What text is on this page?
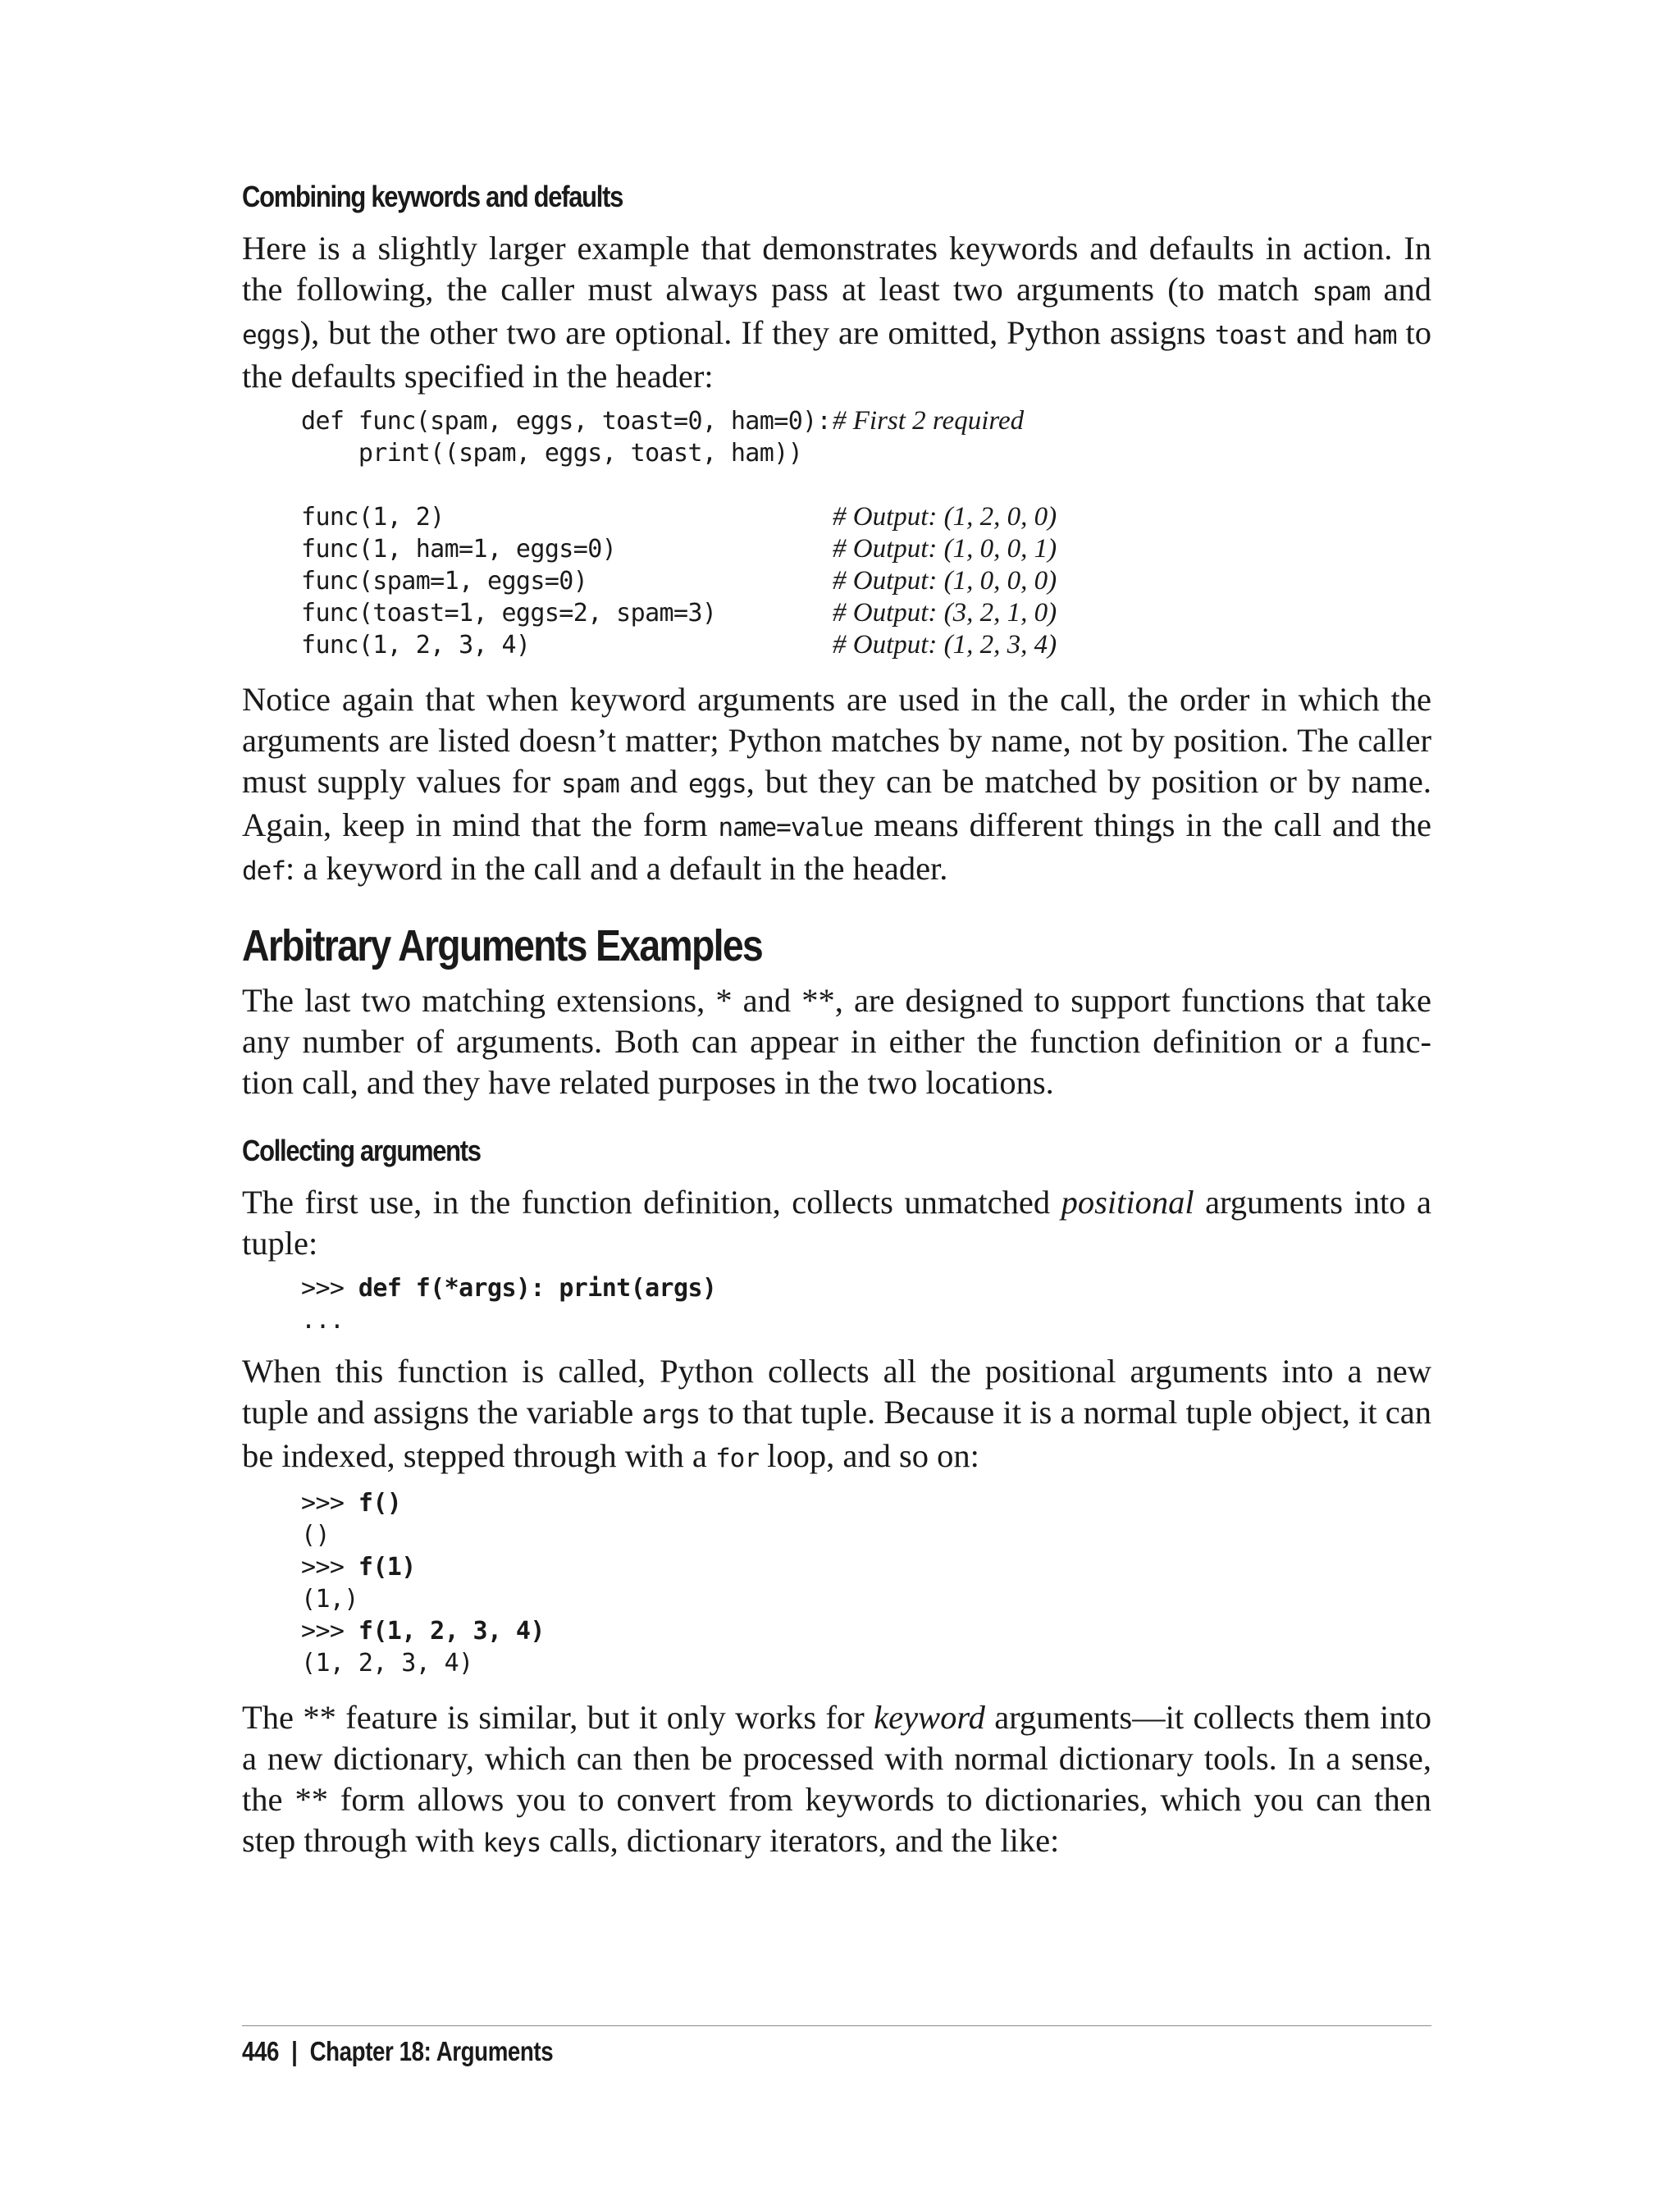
Combining keywords and defaults

Here is a slightly larger example that demonstrates keywords and defaults in action. In the following, the caller must always pass at least two arguments (to match spam and eggs), but the other two are optional. If they are omitted, Python assigns toast and ham to the defaults specified in the header:

def func(spam, eggs, toast=0, ham=0): # First 2 required
print((spam, eggs, toast, ham))
func(1, 2)	# Output: (1, 2, 0, 0)
func(1, ham=1, eggs=0)	# Output: (1, 0, 0, 1)
func(spam=1, eggs=0)	# Output: (1, 0, 0, 0)
func(toast=1, eggs=2, spam=3)	# Output: (3, 2, 1, 0)
func(1, 2, 3, 4)	# Output: (1, 2, 3, 4)

Notice again that when keyword arguments are used in the call, the order in which the arguments are listed doesn’t matter; Python matches by name, not by position. The caller must supply values for spam and eggs, but they can be matched by position or by name. Again, keep in mind that the form name=value means different things in the call and the def: a keyword in the call and a default in the header.

Arbitrary Arguments Examples

The last two matching extensions, * and **, are designed to support functions that take any number of arguments. Both can appear in either the function definition or a func‐ tion call, and they have related purposes in the two locations.

Collecting arguments

The first use, in the function definition, collects unmatched positional arguments into a tuple:

>>> def f(*args): print(args)
...

When this function is called, Python collects all the positional arguments into a new tuple and assigns the variable args to that tuple. Because it is a normal tuple object, it can be indexed, stepped through with a for loop, and so on:

>>> f()
()
>>> f(1)
(1,)
>>> f(1, 2, 3, 4)
(1, 2, 3, 4)

The ** feature is similar, but it only works for keyword arguments—it collects them into a new dictionary, which can then be processed with normal dictionary tools. In a sense, the ** form allows you to convert from keywords to dictionaries, which you can then step through with keys calls, dictionary iterators, and the like:

446 | Chapter 18: Arguments
